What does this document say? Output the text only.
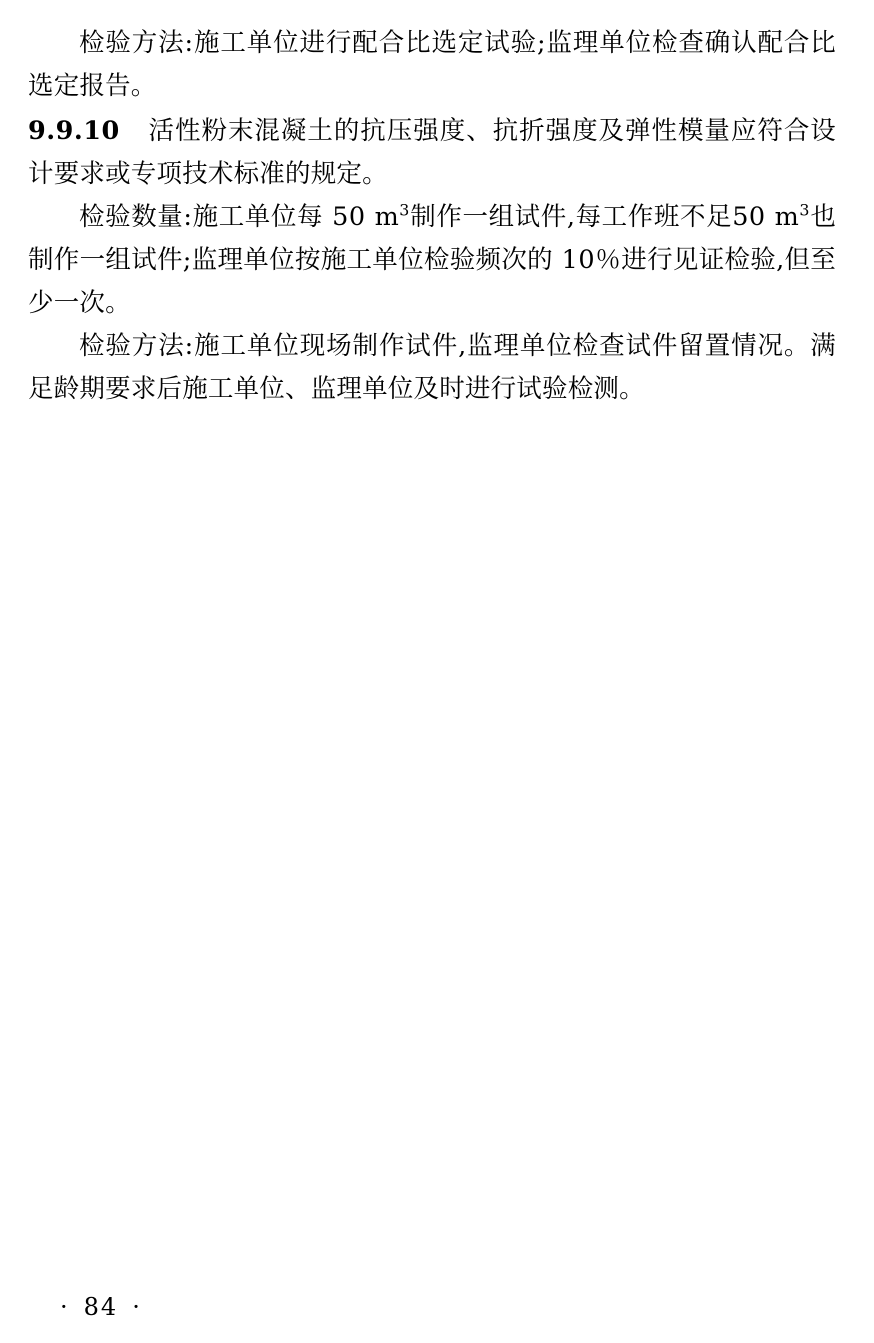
检验方法:施工单位进行配合比选定试验;监理单位检查确认配合比选定报告。

9.9.10 活性粉末混凝土的抗压强度、抗折强度及弹性模量应符合设计要求或专项技术标准的规定。

检验数量:施工单位每 50 $m^3$制作一组试件,每工作班不足50 $m^3$也制作一组试件;监理单位按施工单位检验频次的 10％进行见证检验,但至少一次。

检验方法:施工单位现场制作试件,监理单位检查试件留置情况。满足龄期要求后施工单位、监理单位及时进行试验检测。

· 84 ·
